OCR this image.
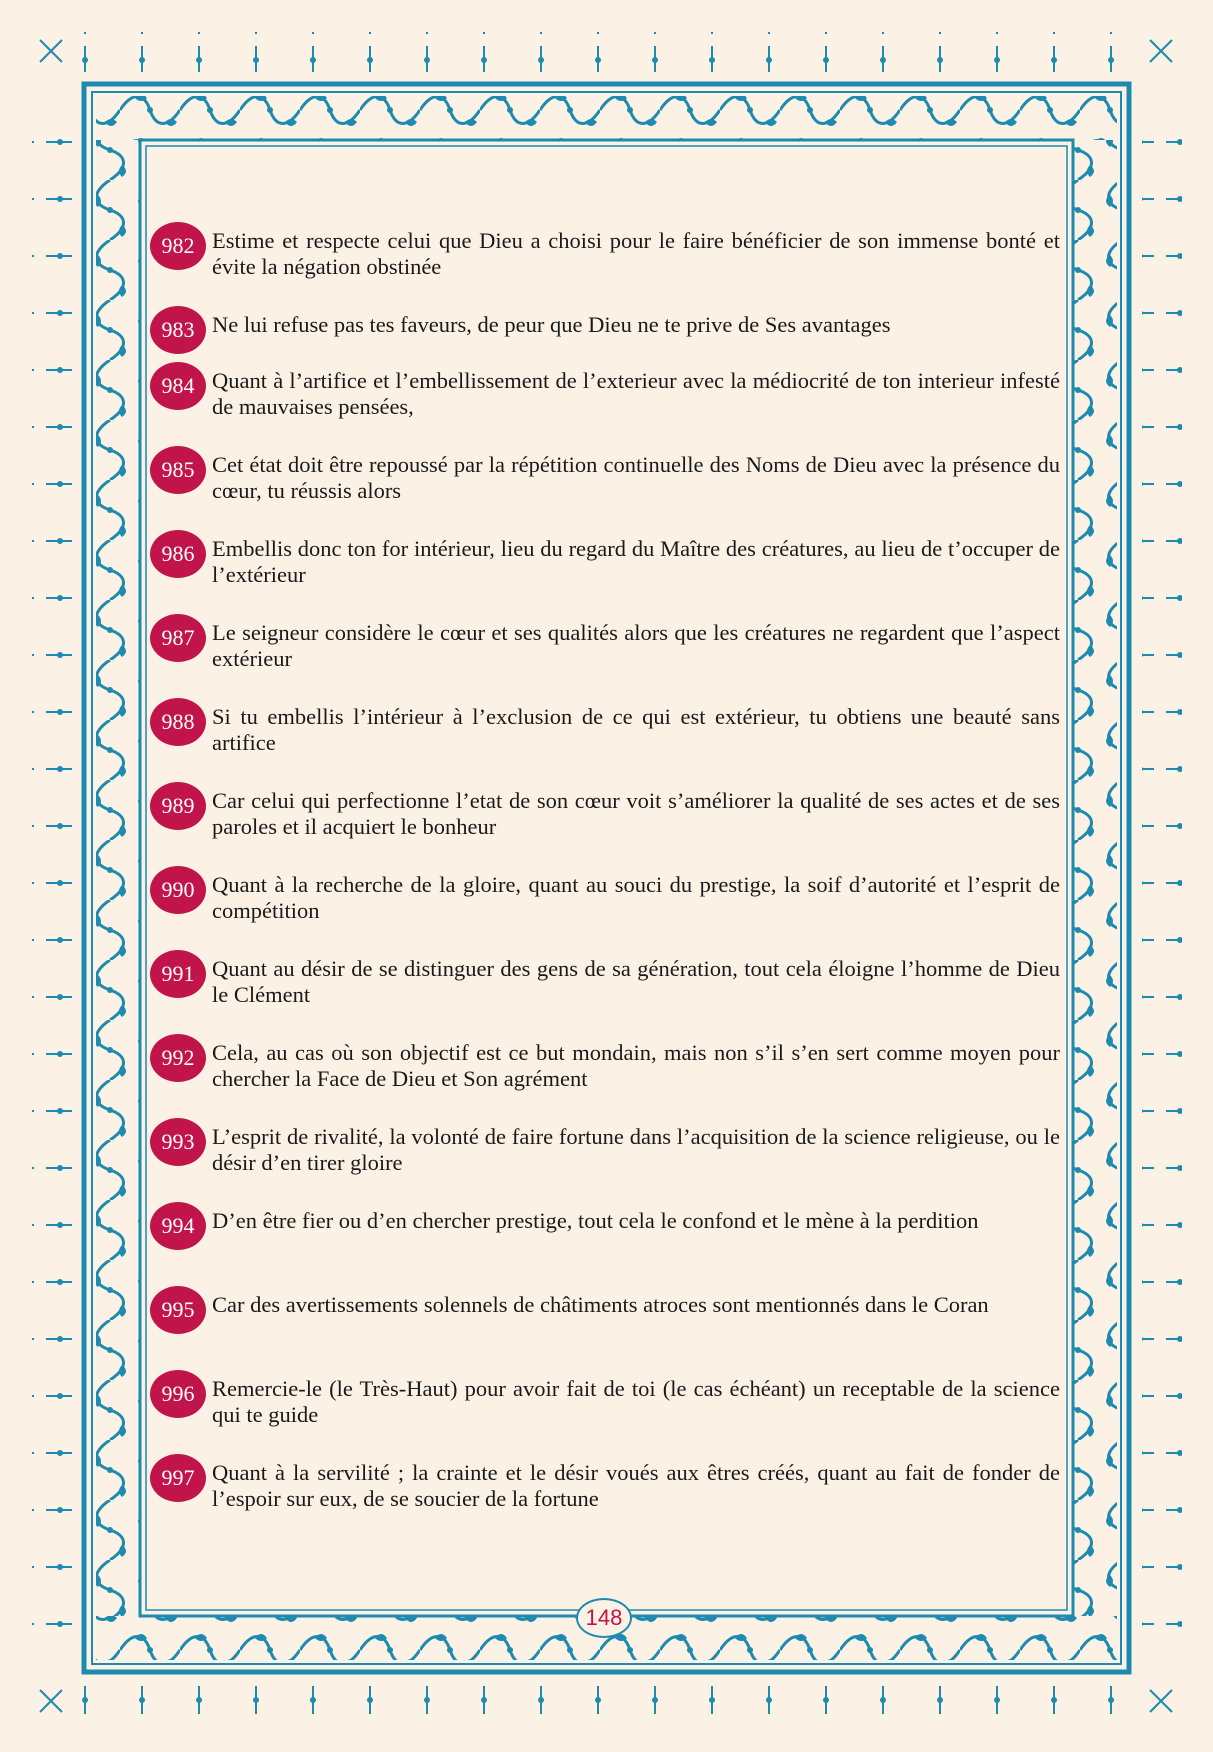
982 Estime et respecte celui que Dieu a choisi pour le faire bénéficier de son immense bonté et évite la négation obstinée
983 Ne lui refuse pas tes faveurs, de peur que Dieu ne te prive de Ses avantages
984 Quant à l’artifice et l’embellissement de l’exterieur avec la médiocrité de ton interieur infesté de mauvaises pensées,
985 Cet état doit être repoussé par la répétition continuelle des Noms de Dieu avec la présence du cœur, tu réussis alors
986 Embellis donc ton for intérieur, lieu du regard du Maître des créatures, au lieu de t’occuper de l’extérieur
987 Le seigneur considère le cœur et ses qualités alors que les créatures ne regardent que l’aspect extérieur
988 Si tu embellis l’intérieur à l’exclusion de ce qui est extérieur, tu obtiens une beauté sans artifice
989 Car celui qui perfectionne l’etat de son cœur voit s’améliorer la qualité de ses actes et de ses paroles et il acquiert le bonheur
990 Quant à la recherche de la gloire, quant au souci du prestige, la soif d’autorité et l’esprit de compétition
991 Quant au désir de se distinguer des gens de sa génération, tout cela éloigne l’homme de Dieu le Clément
992 Cela, au cas où son objectif est ce but mondain, mais non s’il s’en sert comme moyen pour chercher la Face de Dieu et Son agrément
993 L’esprit de rivalité, la volonté de faire fortune dans l’acquisition de la science religieuse, ou le désir d’en tirer gloire
994 D’en être fier ou d’en chercher prestige, tout cela le confond et le mène à la perdition
995 Car des avertissements solennels de châtiments atroces sont mentionnés dans le Coran
996 Remercie-le (le Très-Haut) pour avoir fait de toi (le cas échéant) un receptable de la science qui te guide
997 Quant à la servilité ; la crainte et le désir voués aux êtres créés, quant au fait de fonder de l’espoir sur eux, de se soucier de la fortune
148
